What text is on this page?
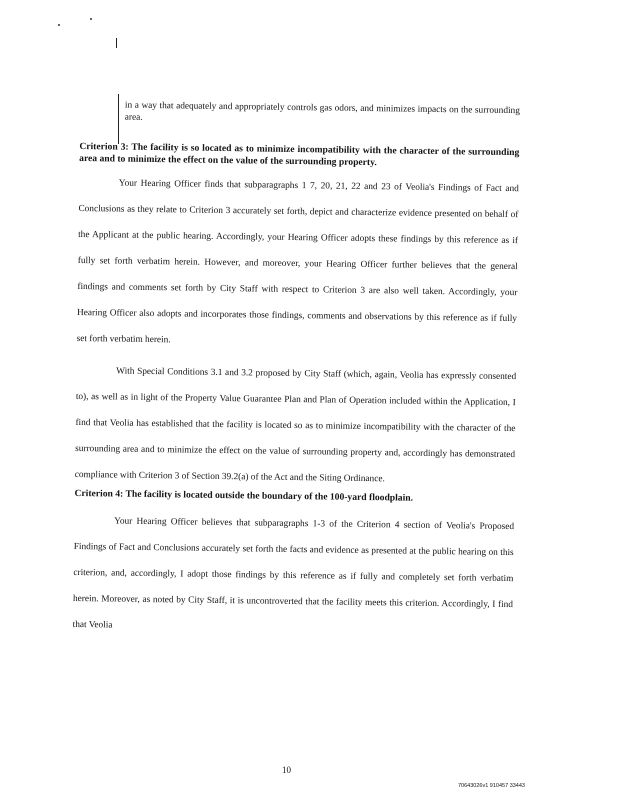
in a way that adequately and appropriately controls gas odors, and minimizes impacts on the surrounding area.

Criterion 3: The facility is so located as to minimize incompatibility with the character of the surrounding area and to minimize the effect on the value of the surrounding property.

Your Hearing Officer finds that subparagraphs 1 7, 20, 21, 22 and 23 of Veolia's Findings of Fact and Conclusions as they relate to Criterion 3 accurately set forth, depict and characterize evidence presented on behalf of the Applicant at the public hearing. Accordingly, your Hearing Officer adopts these findings by this reference as if fully set forth verbatim herein. However, and moreover, your Hearing Officer further believes that the general findings and comments set forth by City Staff with respect to Criterion 3 are also well taken. Accordingly, your Hearing Officer also adopts and incorporates those findings, comments and observations by this reference as if fully set forth verbatim herein.

With Special Conditions 3.1 and 3.2 proposed by City Staff (which, again, Veolia has expressly consented to), as well as in light of the Property Value Guarantee Plan and Plan of Operation included within the Application, I find that Veolia has established that the facility is located so as to minimize incompatibility with the character of the surrounding area and to minimize the effect on the value of surrounding property and, accordingly has demonstrated compliance with Criterion 3 of Section 39.2(a) of the Act and the Siting Ordinance.

Criterion 4: The facility is located outside the boundary of the 100-yard floodplain.

Your Hearing Officer believes that subparagraphs 1-3 of the Criterion 4 section of Veolia's Proposed Findings of Fact and Conclusions accurately set forth the facts and evidence as presented at the public hearing on this criterion, and, accordingly, I adopt those findings by this reference as if fully and completely set forth verbatim herein. Moreover, as noted by City Staff, it is uncontroverted that the facility meets this criterion. Accordingly, I find that Veolia

10
70643026v1 910457 33443
